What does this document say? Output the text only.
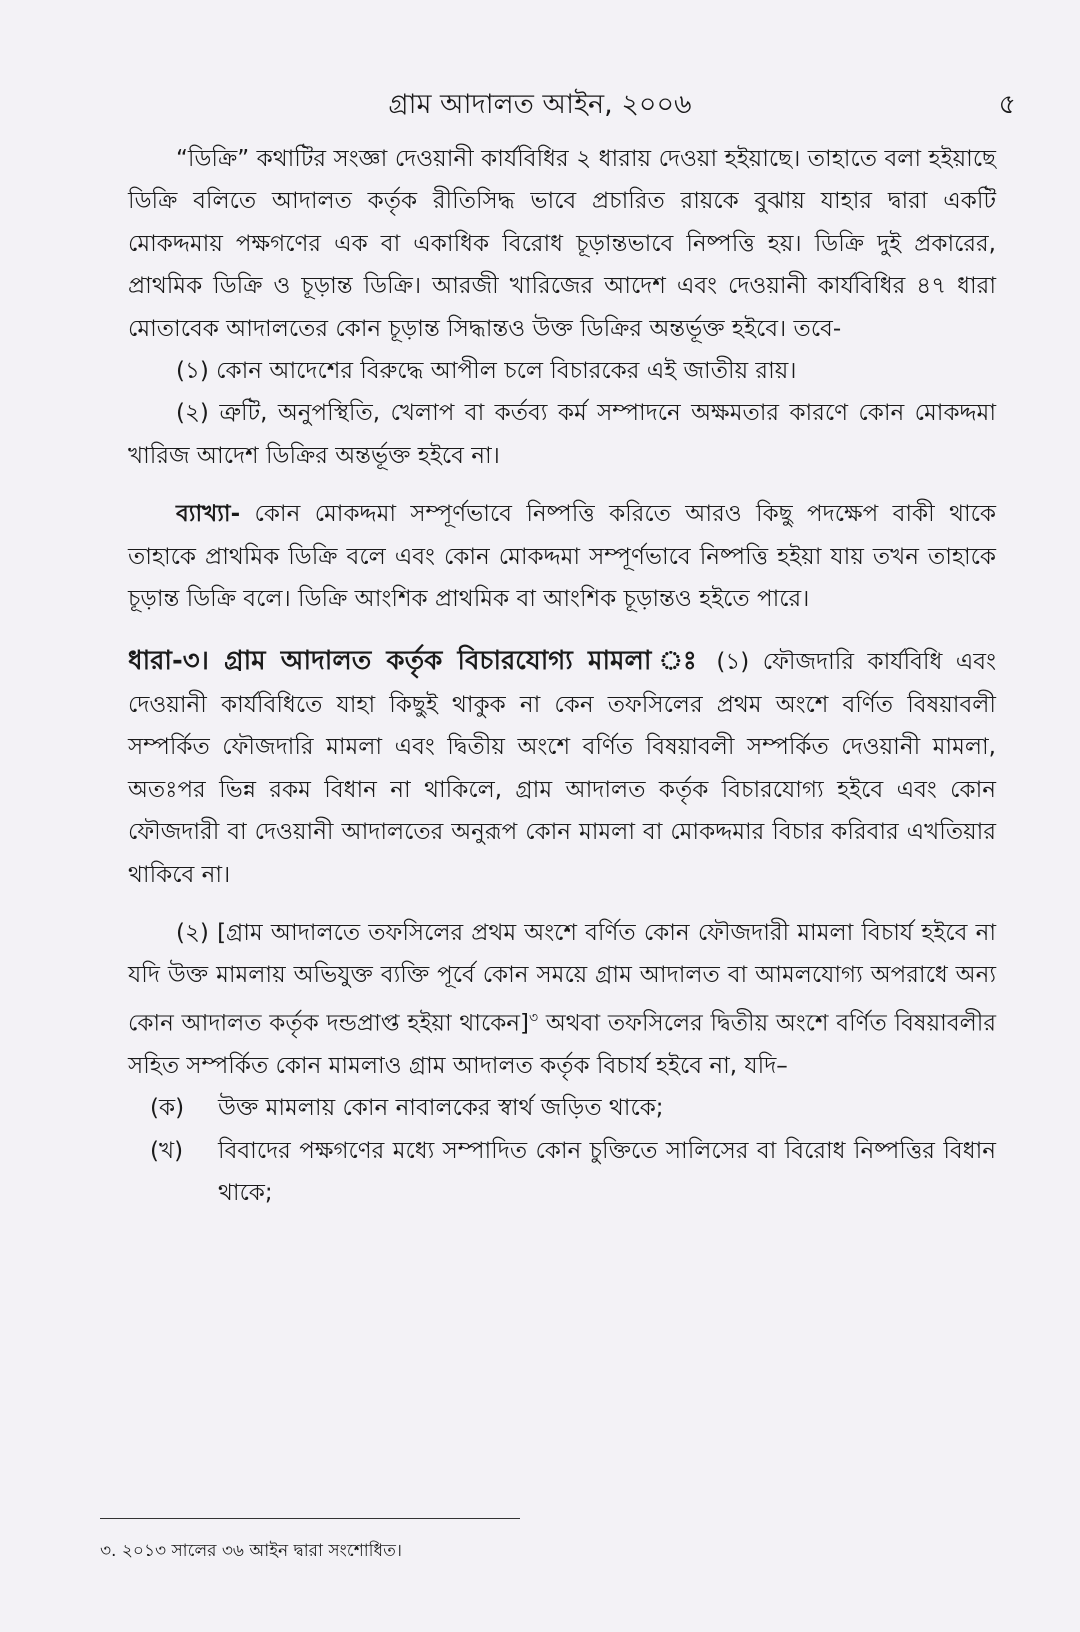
গ্রাম আদালত আইন, ২০০৬	৫

“ডিক্রি” কথাটির সংজ্ঞা দেওয়ানী কার্যবিধির ২ ধারায় দেওয়া হইয়াছে। তাহাতে বলা হইয়াছে ডিক্রি বলিতে আদালত কর্তৃক রীতিসিদ্ধ ভাবে প্রচারিত রায়কে বুঝায় যাহার দ্বারা একটি মোকদ্দমায় পক্ষগণের এক বা একাধিক বিরোধ চূড়ান্তভাবে নিষ্পত্তি হয়। ডিক্রি দুই প্রকারের, প্রাথমিক ডিক্রি ও চূড়ান্ত ডিক্রি। আরজী খারিজের আদেশ এবং দেওয়ানী কার্যবিধির ৪৭ ধারা মোতাবেক আদালতের কোন চূড়ান্ত সিদ্ধান্তও উক্ত ডিক্রির অন্তর্ভূক্ত হইবে। তবে-

(১) কোন আদেশের বিরুদ্ধে আপীল চলে বিচারকের এই জাতীয় রায়।

(২) ত্রুটি, অনুপস্থিতি, খেলাপ বা কর্তব্য কর্ম সম্পাদনে অক্ষমতার কারণে কোন মোকদ্দমা খারিজ আদেশ ডিক্রির অন্তর্ভূক্ত হইবে না।

ব্যাখ্যা- কোন মোকদ্দমা সম্পূর্ণভাবে নিষ্পত্তি করিতে আরও কিছু পদক্ষেপ বাকী থাকে তাহাকে প্রাথমিক ডিক্রি বলে এবং কোন মোকদ্দমা সম্পূর্ণভাবে নিষ্পত্তি হইয়া যায় তখন তাহাকে চূড়ান্ত ডিক্রি বলে। ডিক্রি আংশিক প্রাথমিক বা আংশিক চূড়ান্তও হইতে পারে।

ধারা-৩। গ্রাম আদালত কর্তৃক বিচারযোগ্য মামলা ঃ (১) ফৌজদারি কার্যবিধি এবং দেওয়ানী কার্যবিধিতে যাহা কিছুই থাকুক না কেন তফসিলের প্রথম অংশে বর্ণিত বিষয়াবলী সম্পর্কিত ফৌজদারি মামলা এবং দ্বিতীয় অংশে বর্ণিত বিষয়াবলী সম্পর্কিত দেওয়ানী মামলা, অতঃপর ভিন্ন রকম বিধান না থাকিলে, গ্রাম আদালত কর্তৃক বিচারযোগ্য হইবে এবং কোন ফৌজদারী বা দেওয়ানী আদালতের অনুরূপ কোন মামলা বা মোকদ্দমার বিচার করিবার এখতিয়ার থাকিবে না।

(২) [গ্রাম আদালতে তফসিলের প্রথম অংশে বর্ণিত কোন ফৌজদারী মামলা বিচার্য হইবে না যদি উক্ত মামলায় অভিযুক্ত ব্যক্তি পূর্বে কোন সময়ে গ্রাম আদালত বা আমলযোগ্য অপরাধে অন্য কোন আদালত কর্তৃক দন্ডপ্রাপ্ত হইয়া থাকেন]$^৩$ অথবা তফসিলের দ্বিতীয় অংশে বর্ণিত বিষয়াবলীর সহিত সম্পর্কিত কোন মামলাও গ্রাম আদালত কর্তৃক বিচার্য হইবে না, যদি–

(ক)	উক্ত মামলায় কোন নাবালকের স্বার্থ জড়িত থাকে;
(খ)	বিবাদের পক্ষগণের মধ্যে সম্পাদিত কোন চুক্তিতে সালিসের বা বিরোধ নিষ্পত্তির বিধান থাকে;
৩. ২০১৩ সালের ৩৬ আইন দ্বারা সংশোধিত।
